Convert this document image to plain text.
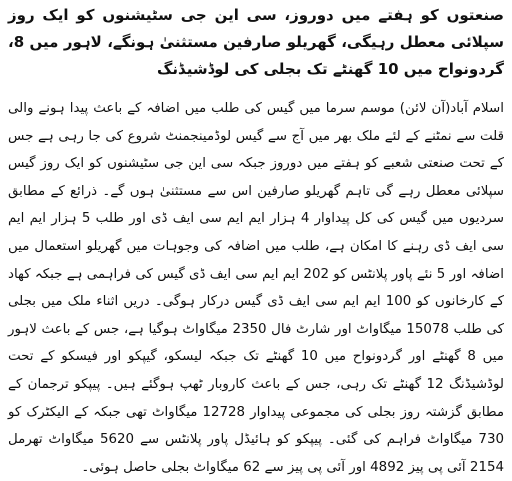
صنعتوں کو ہفتے میں دوروز، سی این جی سٹیشنوں کو ایک روز سپلائی معطل رہیگی، گھریلو صارفین مستثنیٰ ہونگے، لاہور میں 8، گردونواح میں 10 گھنٹے تک بجلی کی لوڈشیڈنگ

اسلام آباد(آن لائن) موسم سرما میں گیس کی طلب میں اضافہ کے باعث پیدا ہونے والی قلت سے نمٹنے کے لئے ملک بھر میں آج سے گیس لوڈمینجمنٹ شروع کی جا رہی ہے جس کے تحت صنعتی شعبے کو ہفتے میں دوروز جبکہ سی این جی سٹیشنوں کو ایک روز گیس سپلائی معطل رہے گی تاہم گھریلو صارفین اس سے مستثنیٰ ہوں گے۔ ذرائع کے مطابق سردیوں میں گیس کی کل پیداوار 4 ہزار ایم ایم سی ایف ڈی اور طلب 5 ہزار ایم ایم سی ایف ڈی رہنے کا امکان ہے، طلب میں اضافہ کی وجوہات میں گھریلو استعمال میں اضافہ اور 5 نئے پاور پلانٹس کو 202 ایم ایم سی ایف ڈی گیس کی فراہمی ہے جبکہ کھاد کے کارخانوں کو 100 ایم ایم سی ایف ڈی گیس درکار ہوگی۔ دریں اثناء ملک میں بجلی کی طلب 15078 میگاواٹ اور شارٹ فال 2350 میگاواٹ ہوگیا ہے، جس کے باعث لاہور میں 8 گھنٹے اور گردونواح میں 10 گھنٹے تک جبکہ لیسکو، گیپکو اور فیسکو کے تحت لوڈشیڈنگ 12 گھنٹے تک رہی، جس کے باعث کاروبار ٹھپ ہوگئے ہیں۔ پیپکو ترجمان کے مطابق گزشتہ روز بجلی کی مجموعی پیداوار 12728 میگاواٹ تھی جبکہ کے الیکٹرک کو 730 میگاواٹ فراہم کی گئی۔ پیپکو کو ہائیڈل پاور پلانٹس سے 5620 میگاواٹ تھرمل 2154 آئی پی پیز 4892 اور آئی پی پیز سے 62 میگاواٹ بجلی حاصل ہوئی۔
